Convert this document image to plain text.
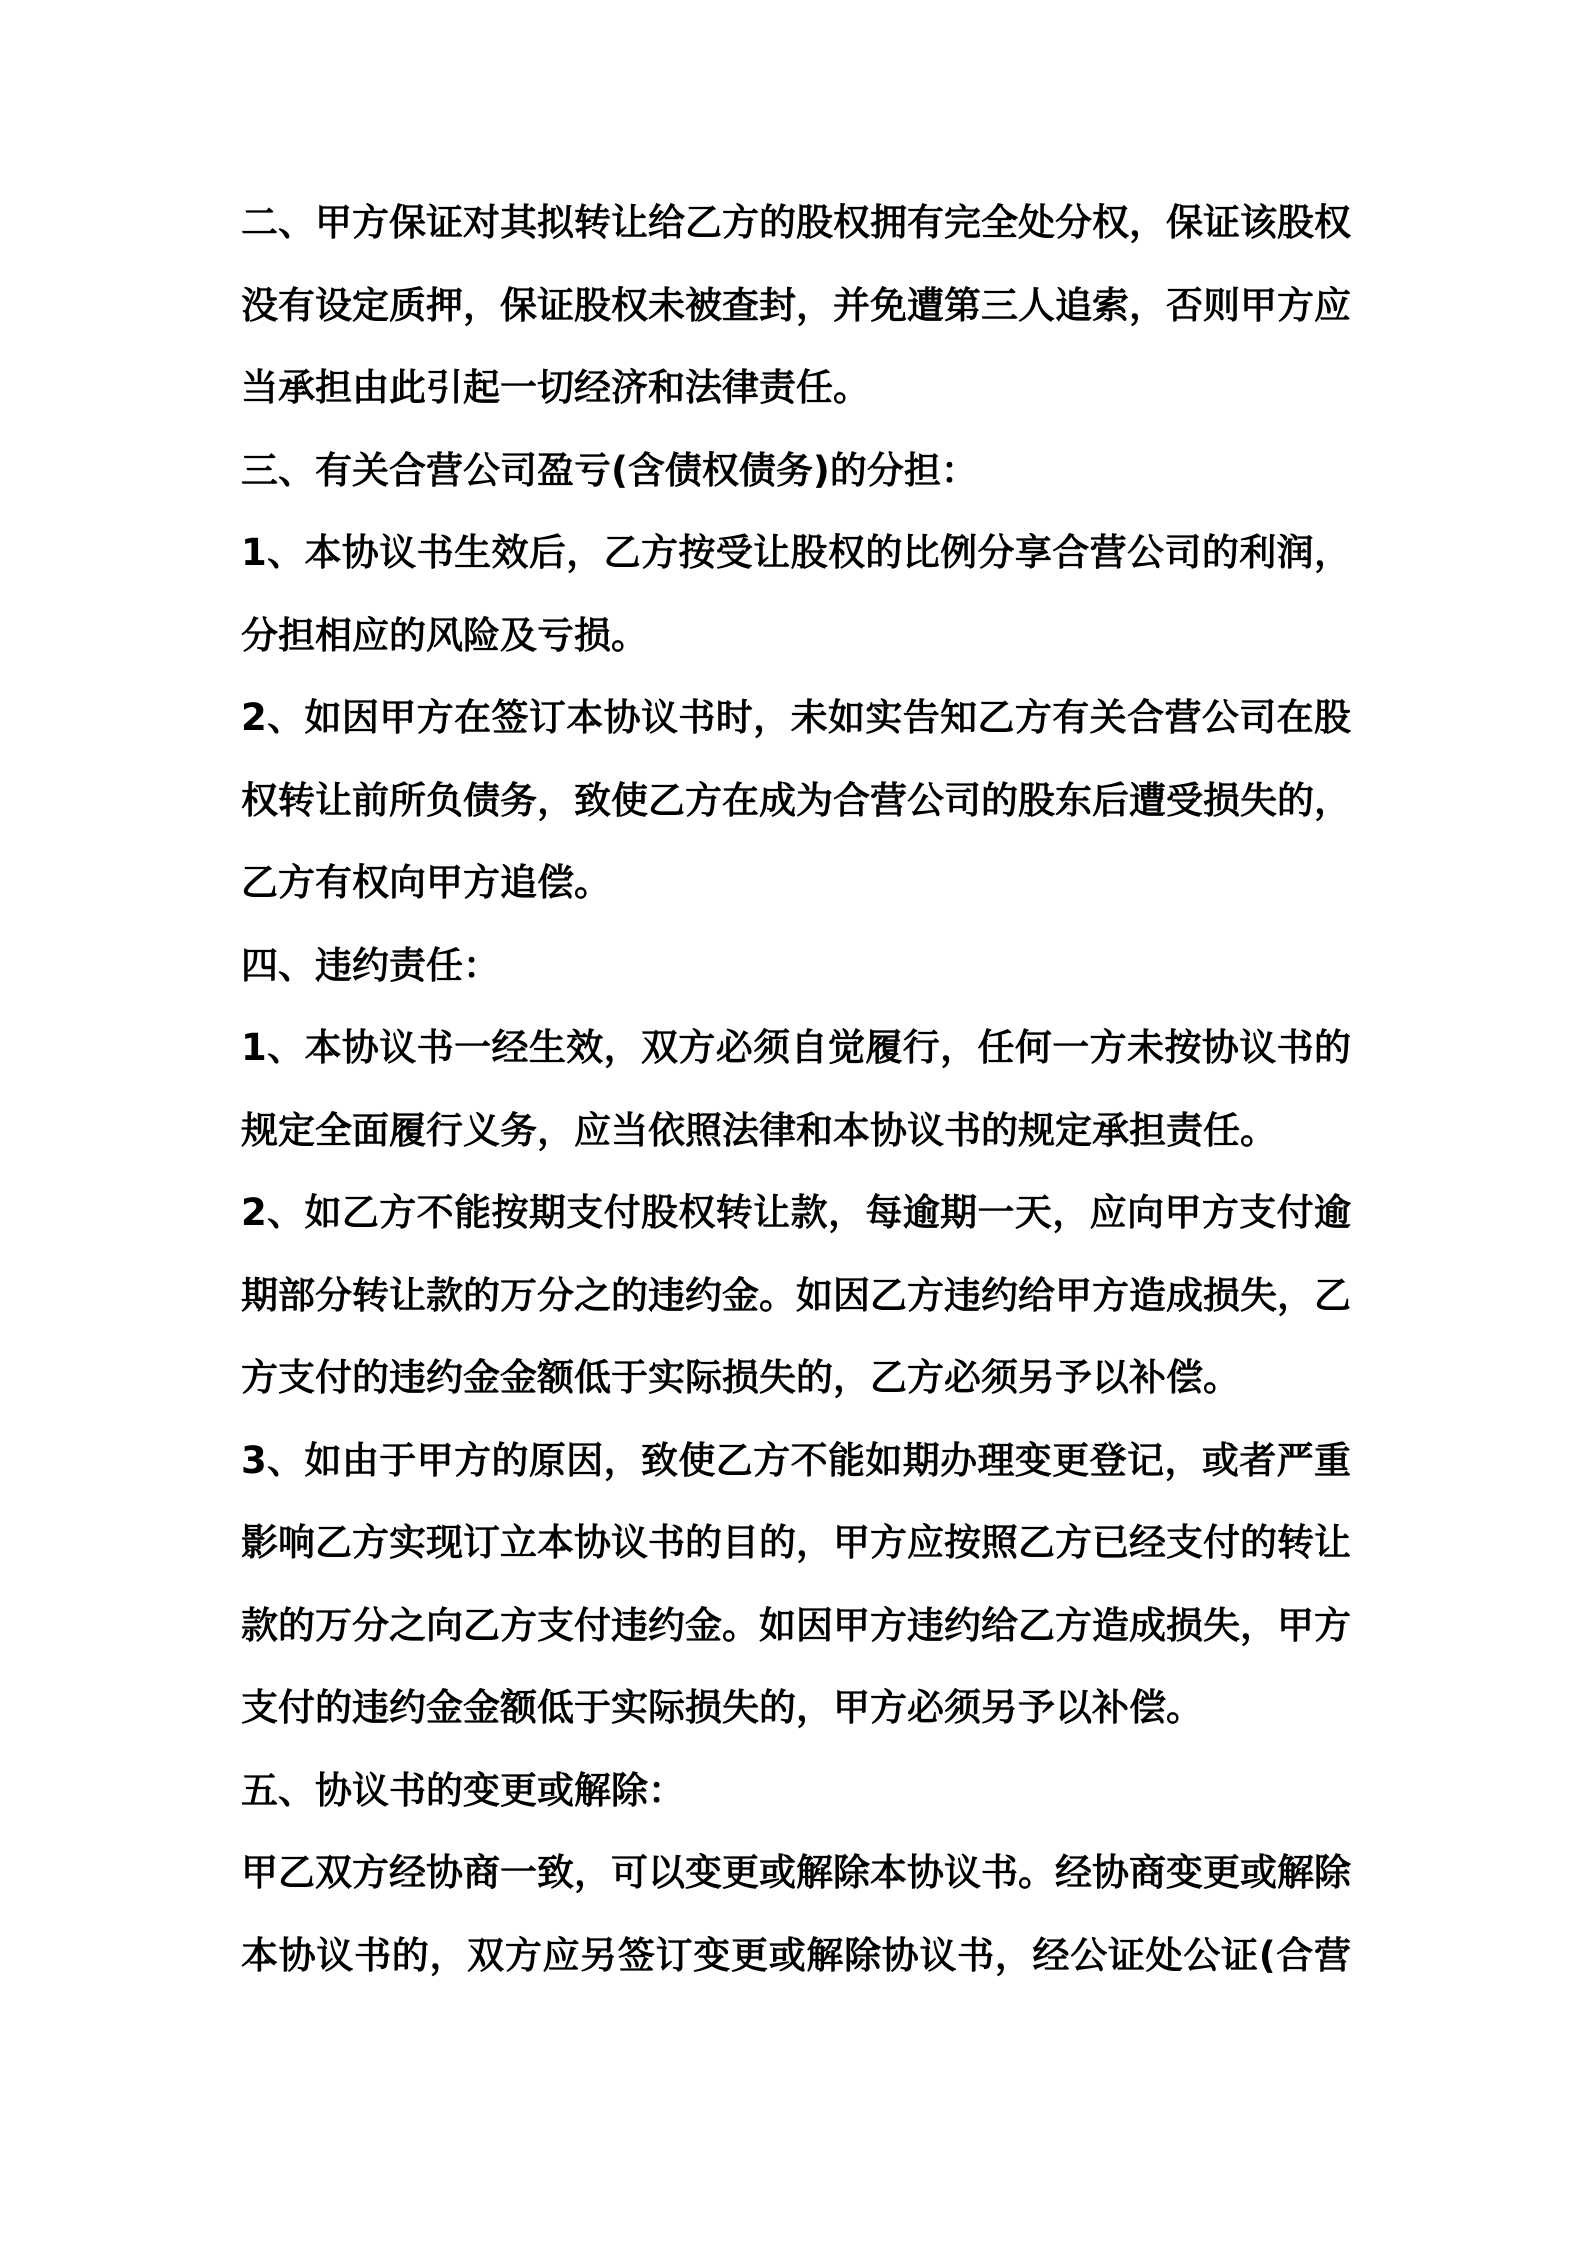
二、甲方保证对其拟转让给乙方的股权拥有完全处分权，保证该股权
没有设定质押，保证股权未被查封，并免遭第三人追索，否则甲方应
当承担由此引起一切经济和法律责任。
三、有关合营公司盈亏(含债权债务)的分担：
1、本协议书生效后，乙方按受让股权的比例分享合营公司的利润，
分担相应的风险及亏损。
2、如因甲方在签订本协议书时，未如实告知乙方有关合营公司在股
权转让前所负债务，致使乙方在成为合营公司的股东后遭受损失的，
乙方有权向甲方追偿。
四、违约责任：
1、本协议书一经生效，双方必须自觉履行，任何一方未按协议书的
规定全面履行义务，应当依照法律和本协议书的规定承担责任。
2、如乙方不能按期支付股权转让款，每逾期一天，应向甲方支付逾
期部分转让款的万分之的违约金。如因乙方违约给甲方造成损失，乙
方支付的违约金金额低于实际损失的，乙方必须另予以补偿。
3、如由于甲方的原因，致使乙方不能如期办理变更登记，或者严重
影响乙方实现订立本协议书的目的，甲方应按照乙方已经支付的转让
款的万分之向乙方支付违约金。如因甲方违约给乙方造成损失，甲方
支付的违约金金额低于实际损失的，甲方必须另予以补偿。
五、协议书的变更或解除：
甲乙双方经协商一致，可以变更或解除本协议书。经协商变更或解除
本协议书的，双方应另签订变更或解除协议书，经公证处公证(合营
